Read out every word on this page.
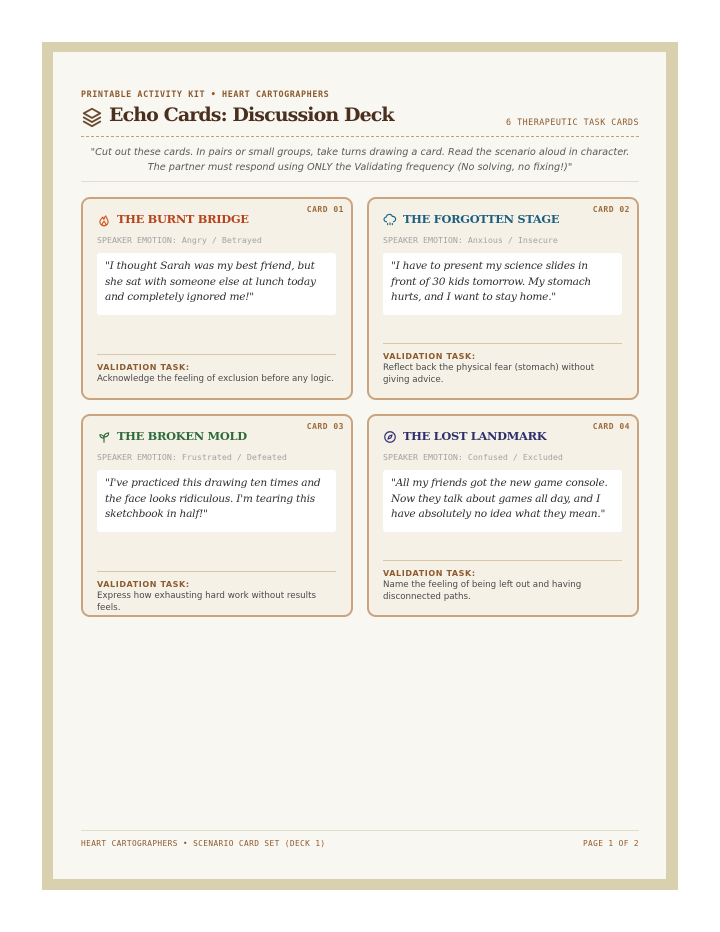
PRINTABLE ACTIVITY KIT • HEART CARTOGRAPHERS
Echo Cards: Discussion Deck	6 THERAPEUTIC TASK CARDS
"Cut out these cards. In pairs or small groups, take turns drawing a card. Read the scenario aloud in character. The partner must respond using ONLY the Validating frequency (No solving, no fixing!)"
CARD 01
THE BURNT BRIDGE
SPEAKER EMOTION: Angry / Betrayed
"I thought Sarah was my best friend, but she sat with someone else at lunch today and completely ignored me!"
VALIDATION TASK:
Acknowledge the feeling of exclusion before any logic.
CARD 02
THE FORGOTTEN STAGE
SPEAKER EMOTION: Anxious / Insecure
"I have to present my science slides in front of 30 kids tomorrow. My stomach hurts, and I want to stay home."
VALIDATION TASK:
Reflect back the physical fear (stomach) without giving advice.
CARD 03
THE BROKEN MOLD
SPEAKER EMOTION: Frustrated / Defeated
"I've practiced this drawing ten times and the face looks ridiculous. I'm tearing this sketchbook in half!"
VALIDATION TASK:
Express how exhausting hard work without results feels.
CARD 04
THE LOST LANDMARK
SPEAKER EMOTION: Confused / Excluded
"All my friends got the new game console. Now they talk about games all day, and I have absolutely no idea what they mean."
VALIDATION TASK:
Name the feeling of being left out and having disconnected paths.
HEART CARTOGRAPHERS • SCENARIO CARD SET (DECK 1)	PAGE 1 OF 2
